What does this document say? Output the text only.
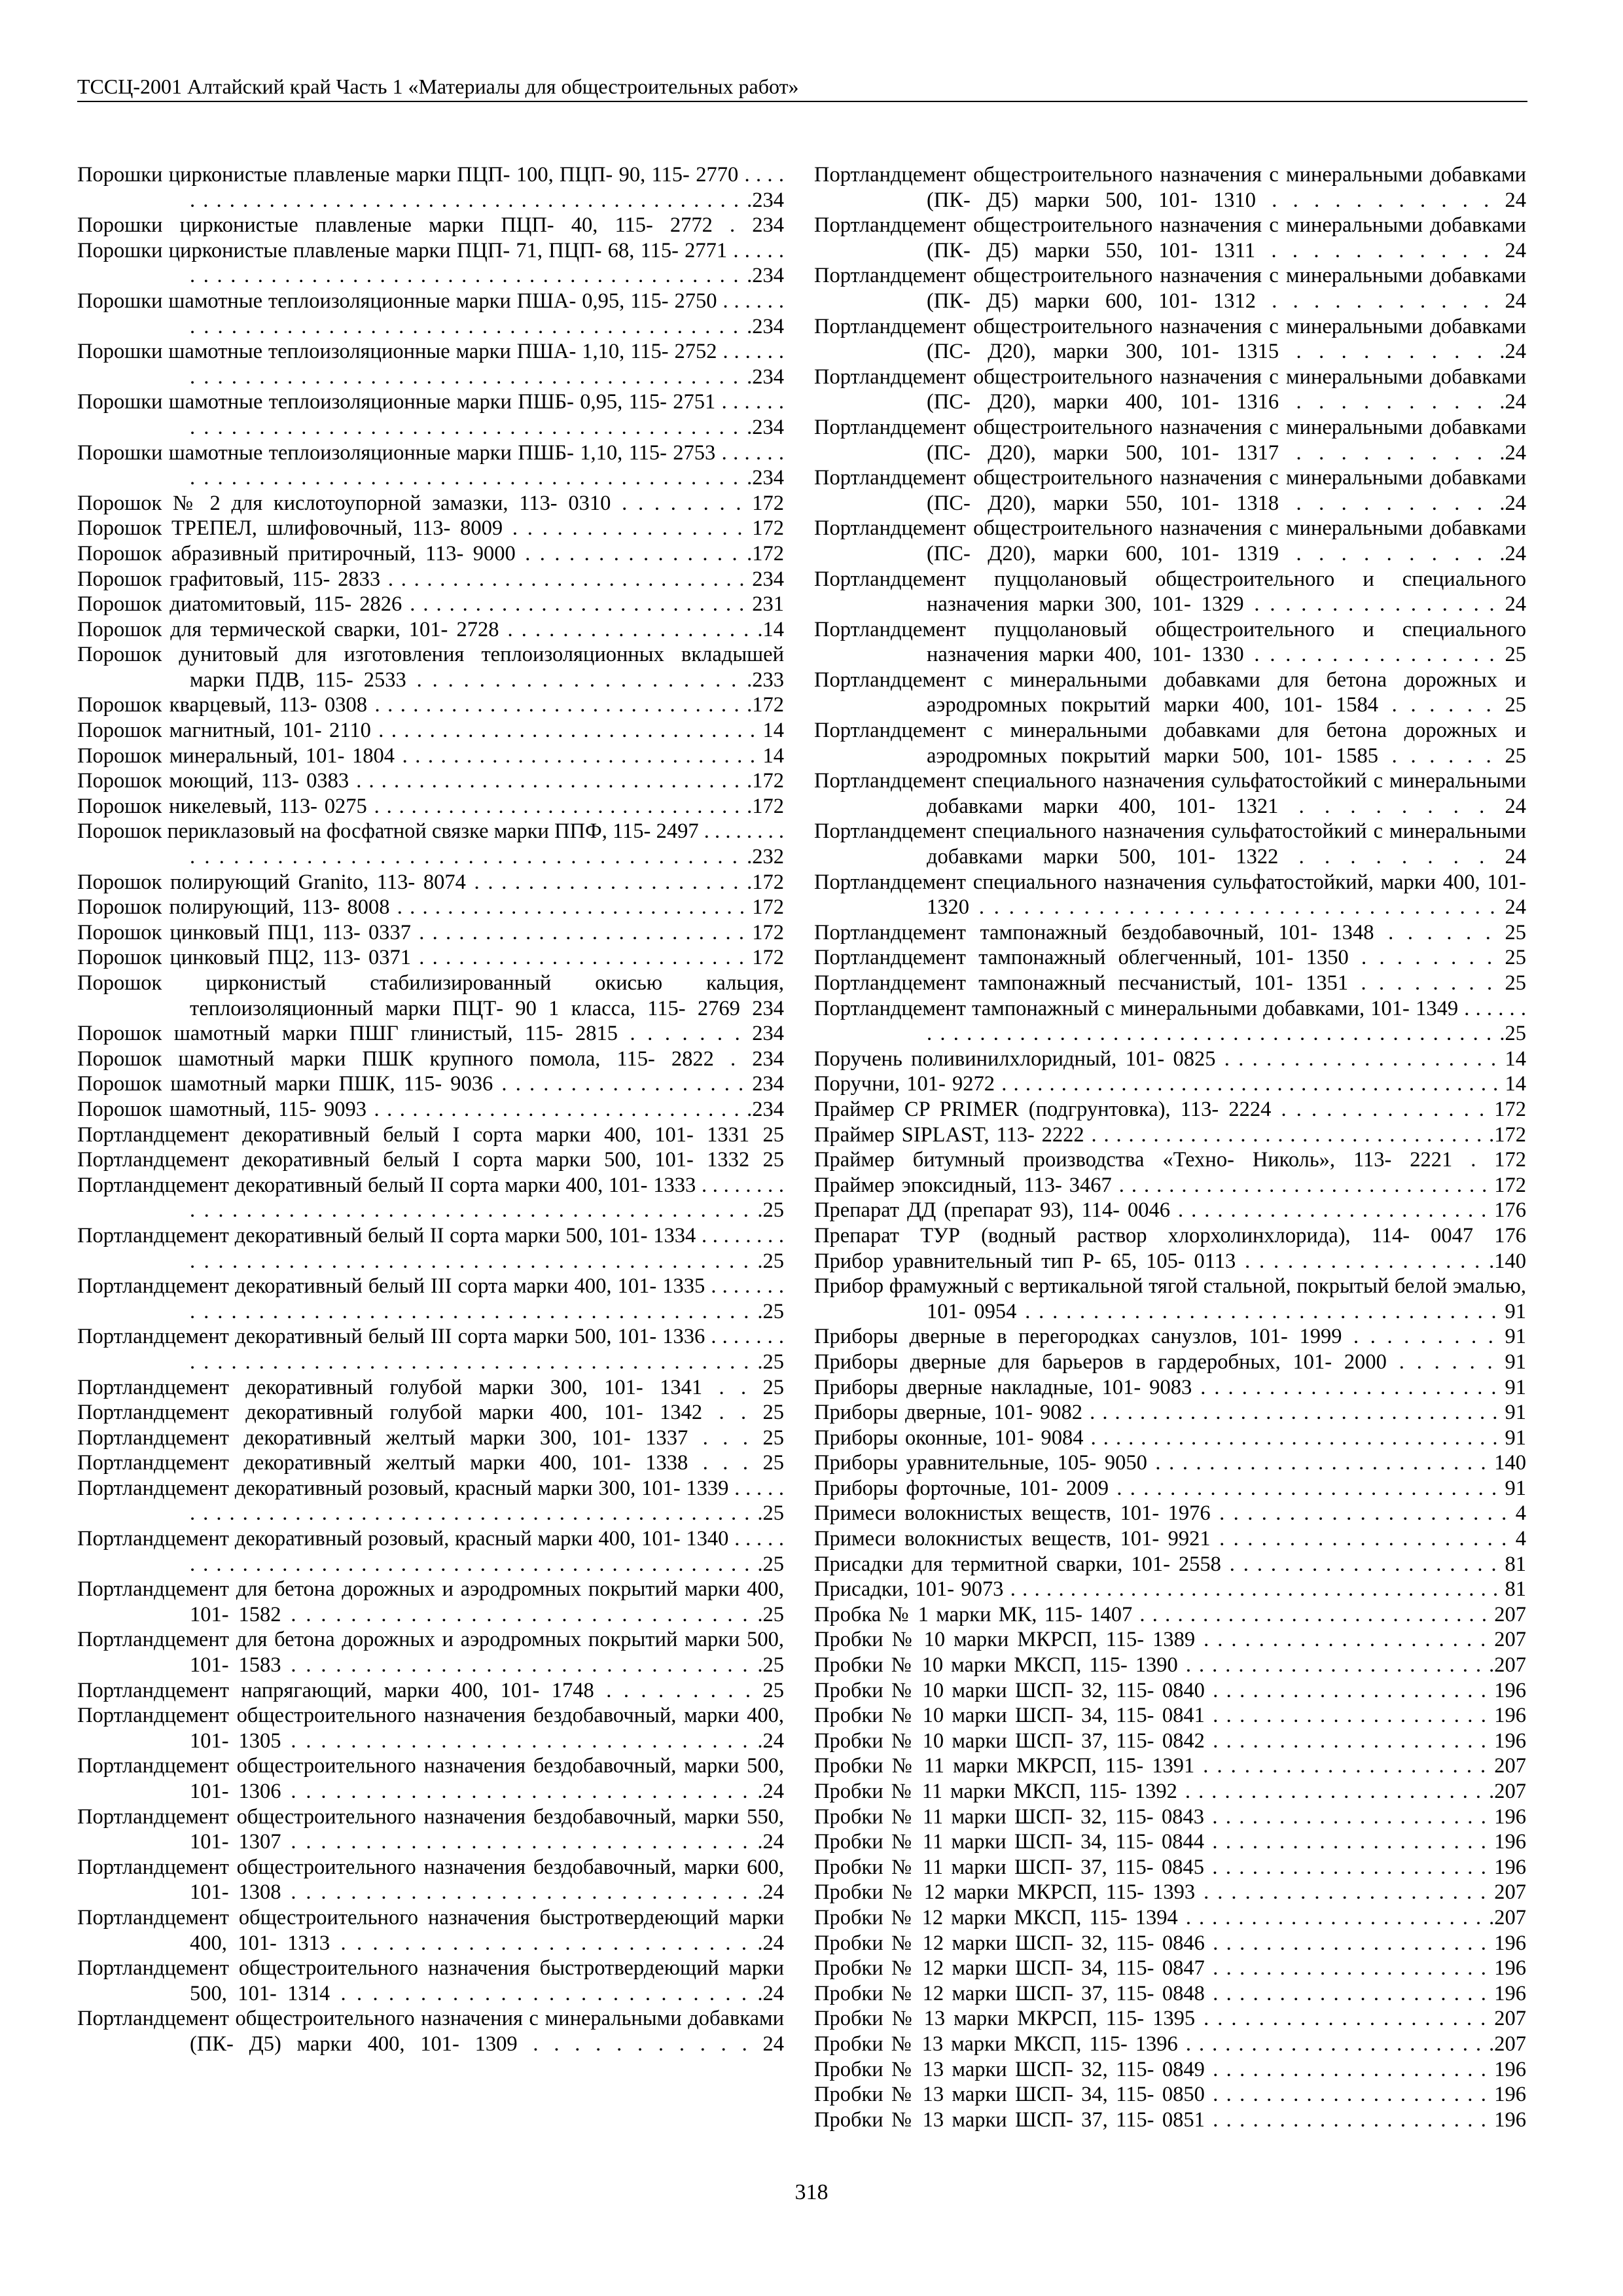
ТССЦ-2001 Алтайский край Часть 1 «Материалы для общестроительных работ»

Порошки цирконистые плавленые марки ПЦП- 100, ПЦП- 90, 115- 2770 . . . . . . . . . . . . . . . . . . . . . . . . . . . . . . . . . . . . . . . . . . . . . . .234

Порошки цирконистые плавленые марки ПЦП- 40, 115- 2772 . 234

Порошки цирконистые плавленые марки ПЦП- 71, ПЦП- 68, 115- 2771 . . . . . . . . . . . . . . . . . . . . . . . . . . . . . . . . . . . . . . . . . . . . . . .234

Порошки шамотные теплоизоляционные марки ПША- 0,95, 115- 2750 . . . . . . . . . . . . . . . . . . . . . . . . . . . . . . . . . . . . . . . . . . . . . . .234

Порошки шамотные теплоизоляционные марки ПША- 1,10, 115- 2752 . . . . . . . . . . . . . . . . . . . . . . . . . . . . . . . . . . . . . . . . . . . . . . .234

Порошки шамотные теплоизоляционные марки ПШБ- 0,95, 115- 2751 . . . . . . . . . . . . . . . . . . . . . . . . . . . . . . . . . . . . . . . . . . . . . . .234

Порошки шамотные теплоизоляционные марки ПШБ- 1,10, 115- 2753 . . . . . . . . . . . . . . . . . . . . . . . . . . . . . . . . . . . . . . . . . . . . . . .234

Порошок № 2 для кислотоупорной замазки, 113- 0310 . . . . . . . . 172

Порошок ТРЕПЕЛ, шлифовочный, 113- 8009 . . . . . . . . . . . . . . . . 172

Порошок абразивный притирочный, 113- 9000 . . . . . . . . . . . . . . . .172

Порошок графитовый, 115- 2833 . . . . . . . . . . . . . . . . . . . . . . . . . . . . 234

Порошок диатомитовый, 115- 2826 . . . . . . . . . . . . . . . . . . . . . . . . . . 231

Порошок для термической сварки, 101- 2728 . . . . . . . . . . . . . . . . . . .14

Порошок дунитовый для изготовления теплоизоляционных вкладышей марки ПДВ, 115- 2533 . . . . . . . . . . . . . . . . . . . . . .233

Порошок кварцевый, 113- 0308 . . . . . . . . . . . . . . . . . . . . . . . . . . . . . .172

Порошок магнитный, 101- 2110 . . . . . . . . . . . . . . . . . . . . . . . . . . . . . . 14

Порошок минеральный, 101- 1804 . . . . . . . . . . . . . . . . . . . . . . . . . . . . 14

Порошок моющий, 113- 0383 . . . . . . . . . . . . . . . . . . . . . . . . . . . . . . . .172

Порошок никелевый, 113- 0275 . . . . . . . . . . . . . . . . . . . . . . . . . . . . . . .172

Порошок периклазовый на фосфатной связке марки ППФ, 115- 2497 . . . . . . . . . . . . . . . . . . . . . . . . . . . . . . . . . . . . . . . . . . . . . . .232

Порошок полирующий Granito, 113- 8074 . . . . . . . . . . . . . . . . . . . . .172

Порошок полирующий, 113- 8008 . . . . . . . . . . . . . . . . . . . . . . . . . . . . 172

Порошок цинковый ПЦ1, 113- 0337 . . . . . . . . . . . . . . . . . . . . . . . . . 172

Порошок цинковый ПЦ2, 113- 0371 . . . . . . . . . . . . . . . . . . . . . . . . . 172

Порошок цирконистый стабилизированный окисью кальция, теплоизоляционный марки ПЦТ- 90 1 класса, 115- 2769 234

Порошок шамотный марки ПШГ глинистый, 115- 2815 . . . . . . . 234

Порошок шамотный марки ПШК крупного помола, 115- 2822 . 234

Порошок шамотный марки ПШК, 115- 9036 . . . . . . . . . . . . . . . . . . 234

Порошок шамотный, 115- 9093 . . . . . . . . . . . . . . . . . . . . . . . . . . . . . .234

Портландцемент декоративный белый I сорта марки 400, 101- 1331 25

Портландцемент декоративный белый I сорта марки 500, 101- 1332 25

Портландцемент декоративный белый II сорта марки 400, 101- 1333 . . . . . . . . . . . . . . . . . . . . . . . . . . . . . . . . . . . . . . . . . . . . . . . . .25

Портландцемент декоративный белый II сорта марки 500, 101- 1334 . . . . . . . . . . . . . . . . . . . . . . . . . . . . . . . . . . . . . . . . . . . . . . . . .25

Портландцемент декоративный белый III сорта марки 400, 101- 1335 . . . . . . . . . . . . . . . . . . . . . . . . . . . . . . . . . . . . . . . . . . . . . . . . .25

Портландцемент декоративный белый III сорта марки 500, 101- 1336 . . . . . . . . . . . . . . . . . . . . . . . . . . . . . . . . . . . . . . . . . . . . . . . . .25

Портландцемент декоративный голубой марки 300, 101- 1341 . . 25

Портландцемент декоративный голубой марки 400, 101- 1342 . . 25

Портландцемент декоративный желтый марки 300, 101- 1337 . . . 25

Портландцемент декоративный желтый марки 400, 101- 1338 . . . 25

Портландцемент декоративный розовый, красный марки 300, 101- 1339 . . . . . . . . . . . . . . . . . . . . . . . . . . . . . . . . . . . . . . . . . . . . . . . . .25

Портландцемент декоративный розовый, красный марки 400, 101- 1340 . . . . . . . . . . . . . . . . . . . . . . . . . . . . . . . . . . . . . . . . . . . . . . . . .25

Портландцемент для бетона дорожных и аэродромных покрытий марки 400, 101- 1582 . . . . . . . . . . . . . . . . . . . . . . . . . . . . . . . .25

Портландцемент для бетона дорожных и аэродромных покрытий марки 500, 101- 1583 . . . . . . . . . . . . . . . . . . . . . . . . . . . . . . . .25

Портландцемент напрягающий, марки 400, 101- 1748 . . . . . . . . . 25

Портландцемент общестроительного назначения бездобавочный, марки 400, 101- 1305 . . . . . . . . . . . . . . . . . . . . . . . . . . . . . . . .24

Портландцемент общестроительного назначения бездобавочный, марки 500, 101- 1306 . . . . . . . . . . . . . . . . . . . . . . . . . . . . . . . .24

Портландцемент общестроительного назначения бездобавочный, марки 550, 101- 1307 . . . . . . . . . . . . . . . . . . . . . . . . . . . . . . . .24

Портландцемент общестроительного назначения бездобавочный, марки 600, 101- 1308 . . . . . . . . . . . . . . . . . . . . . . . . . . . . . . . .24

Портландцемент общестроительного назначения быстротвердеющий марки 400, 101- 1313 . . . . . . . . . . . . . . . . . . . . . . . . . . .24

Портландцемент общестроительного назначения быстротвердеющий марки 500, 101- 1314 . . . . . . . . . . . . . . . . . . . . . . . . . . .24

Портландцемент общестроительного назначения с минеральными добавками (ПК- Д5) марки 400, 101- 1309 . . . . . . . . . . . 24

Портландцемент общестроительного назначения с минеральными добавками (ПК- Д5) марки 500, 101- 1310 . . . . . . . . . . . 24

Портландцемент общестроительного назначения с минеральными добавками (ПК- Д5) марки 550, 101- 1311 . . . . . . . . . . . 24

Портландцемент общестроительного назначения с минеральными добавками (ПК- Д5) марки 600, 101- 1312 . . . . . . . . . . . 24

Портландцемент общестроительного назначения с минеральными добавками (ПС- Д20), марки 300, 101- 1315 . . . . . . . . . .24

Портландцемент общестроительного назначения с минеральными добавками (ПС- Д20), марки 400, 101- 1316 . . . . . . . . . .24

Портландцемент общестроительного назначения с минеральными добавками (ПС- Д20), марки 500, 101- 1317 . . . . . . . . . .24

Портландцемент общестроительного назначения с минеральными добавками (ПС- Д20), марки 550, 101- 1318 . . . . . . . . . .24

Портландцемент общестроительного назначения с минеральными добавками (ПС- Д20), марки 600, 101- 1319 . . . . . . . . . .24

Портландцемент пуццолановый общестроительного и специального назначения марки 300, 101- 1329 . . . . . . . . . . . . . . . . 24

Портландцемент пуццолановый общестроительного и специального назначения марки 400, 101- 1330 . . . . . . . . . . . . . . . . 25

Портландцемент с минеральными добавками для бетона дорожных и аэродромных покрытий марки 400, 101- 1584 . . . . . . 25

Портландцемент с минеральными добавками для бетона дорожных и аэродромных покрытий марки 500, 101- 1585 . . . . . . 25

Портландцемент специального назначения сульфатостойкий с минеральными добавками марки 400, 101- 1321 . . . . . . . . 24

Портландцемент специального назначения сульфатостойкий с минеральными добавками марки 500, 101- 1322 . . . . . . . . 24

Портландцемент специального назначения сульфатостойкий, марки 400, 101- 1320 . . . . . . . . . . . . . . . . . . . . . . . . . . . . . . . . . . . 24

Портландцемент тампонажный бездобавочный, 101- 1348 . . . . . . 25

Портландцемент тампонажный облегченный, 101- 1350 . . . . . . . . 25

Портландцемент тампонажный песчанистый, 101- 1351 . . . . . . . . 25

Портландцемент тампонажный с минеральными добавками, 101- 1349 . . . . . . . . . . . . . . . . . . . . . . . . . . . . . . . . . . . . . . . . . . . . . . . . . .25

Поручень поливинилхлоридный, 101- 0825 . . . . . . . . . . . . . . . . . . . . 14

Поручни, 101- 9272 . . . . . . . . . . . . . . . . . . . . . . . . . . . . . . . . . . . . . . . . . . 14

Праймер CP PRIMER (подгрунтовка), 113- 2224 . . . . . . . . . . . . . . 172

Праймер SIPLAST, 113- 2222 . . . . . . . . . . . . . . . . . . . . . . . . . . . . . . . . .172

Праймер битумный производства «Техно- Николь», 113- 2221 . 172

Праймер эпоксидный, 113- 3467 . . . . . . . . . . . . . . . . . . . . . . . . . . . . . . 172

Препарат ДД (препарат 93), 114- 0046 . . . . . . . . . . . . . . . . . . . . . . . . 176

Препарат ТУР (водный раствор хлорхолинхлорида), 114- 0047 176

Прибор уравнительный тип Р- 65, 105- 0113 . . . . . . . . . . . . . . . . . .140

Прибор фрамужный с вертикальной тягой стальной, покрытый белой эмалью, 101- 0954 . . . . . . . . . . . . . . . . . . . . . . . . . . . . . . . . . . . 91

Приборы дверные в перегородках санузлов, 101- 1999 . . . . . . . . . 91

Приборы дверные для барьеров в гардеробных, 101- 2000 . . . . . . 91

Приборы дверные накладные, 101- 9083 . . . . . . . . . . . . . . . . . . . . . . 91

Приборы дверные, 101- 9082 . . . . . . . . . . . . . . . . . . . . . . . . . . . . . . . . . 91

Приборы оконные, 101- 9084 . . . . . . . . . . . . . . . . . . . . . . . . . . . . . . . . . 91

Приборы уравнительные, 105- 9050 . . . . . . . . . . . . . . . . . . . . . . . . . 140

Приборы форточные, 101- 2009 . . . . . . . . . . . . . . . . . . . . . . . . . . . . . 91

Примеси волокнистых веществ, 101- 1976 . . . . . . . . . . . . . . . . . . . . . 4

Примеси волокнистых веществ, 101- 9921 . . . . . . . . . . . . . . . . . . . . . 4

Присадки для термитной сварки, 101- 2558 . . . . . . . . . . . . . . . . . . . . 81

Присадки, 101- 9073 . . . . . . . . . . . . . . . . . . . . . . . . . . . . . . . . . . . . . . . . . 81

Пробка № 1 марки МК, 115- 1407 . . . . . . . . . . . . . . . . . . . . . . . . . . . . 207

Пробки № 10 марки МКРСП, 115- 1389 . . . . . . . . . . . . . . . . . . . . . 207

Пробки № 10 марки МКСП, 115- 1390 . . . . . . . . . . . . . . . . . . . . . . . .207

Пробки № 10 марки ШСП- 32, 115- 0840 . . . . . . . . . . . . . . . . . . . . . 196

Пробки № 10 марки ШСП- 34, 115- 0841 . . . . . . . . . . . . . . . . . . . . . 196

Пробки № 10 марки ШСП- 37, 115- 0842 . . . . . . . . . . . . . . . . . . . . . 196

Пробки № 11 марки МКРСП, 115- 1391 . . . . . . . . . . . . . . . . . . . . . 207

Пробки № 11 марки МКСП, 115- 1392 . . . . . . . . . . . . . . . . . . . . . . . .207

Пробки № 11 марки ШСП- 32, 115- 0843 . . . . . . . . . . . . . . . . . . . . . 196

Пробки № 11 марки ШСП- 34, 115- 0844 . . . . . . . . . . . . . . . . . . . . . 196

Пробки № 11 марки ШСП- 37, 115- 0845 . . . . . . . . . . . . . . . . . . . . . 196

Пробки № 12 марки МКРСП, 115- 1393 . . . . . . . . . . . . . . . . . . . . . 207

Пробки № 12 марки МКСП, 115- 1394 . . . . . . . . . . . . . . . . . . . . . . . .207

Пробки № 12 марки ШСП- 32, 115- 0846 . . . . . . . . . . . . . . . . . . . . . 196

Пробки № 12 марки ШСП- 34, 115- 0847 . . . . . . . . . . . . . . . . . . . . . 196

Пробки № 12 марки ШСП- 37, 115- 0848 . . . . . . . . . . . . . . . . . . . . . 196

Пробки № 13 марки МКРСП, 115- 1395 . . . . . . . . . . . . . . . . . . . . . 207

Пробки № 13 марки МКСП, 115- 1396 . . . . . . . . . . . . . . . . . . . . . . . .207

Пробки № 13 марки ШСП- 32, 115- 0849 . . . . . . . . . . . . . . . . . . . . . 196

Пробки № 13 марки ШСП- 34, 115- 0850 . . . . . . . . . . . . . . . . . . . . . 196

Пробки № 13 марки ШСП- 37, 115- 0851 . . . . . . . . . . . . . . . . . . . . . 196

318
